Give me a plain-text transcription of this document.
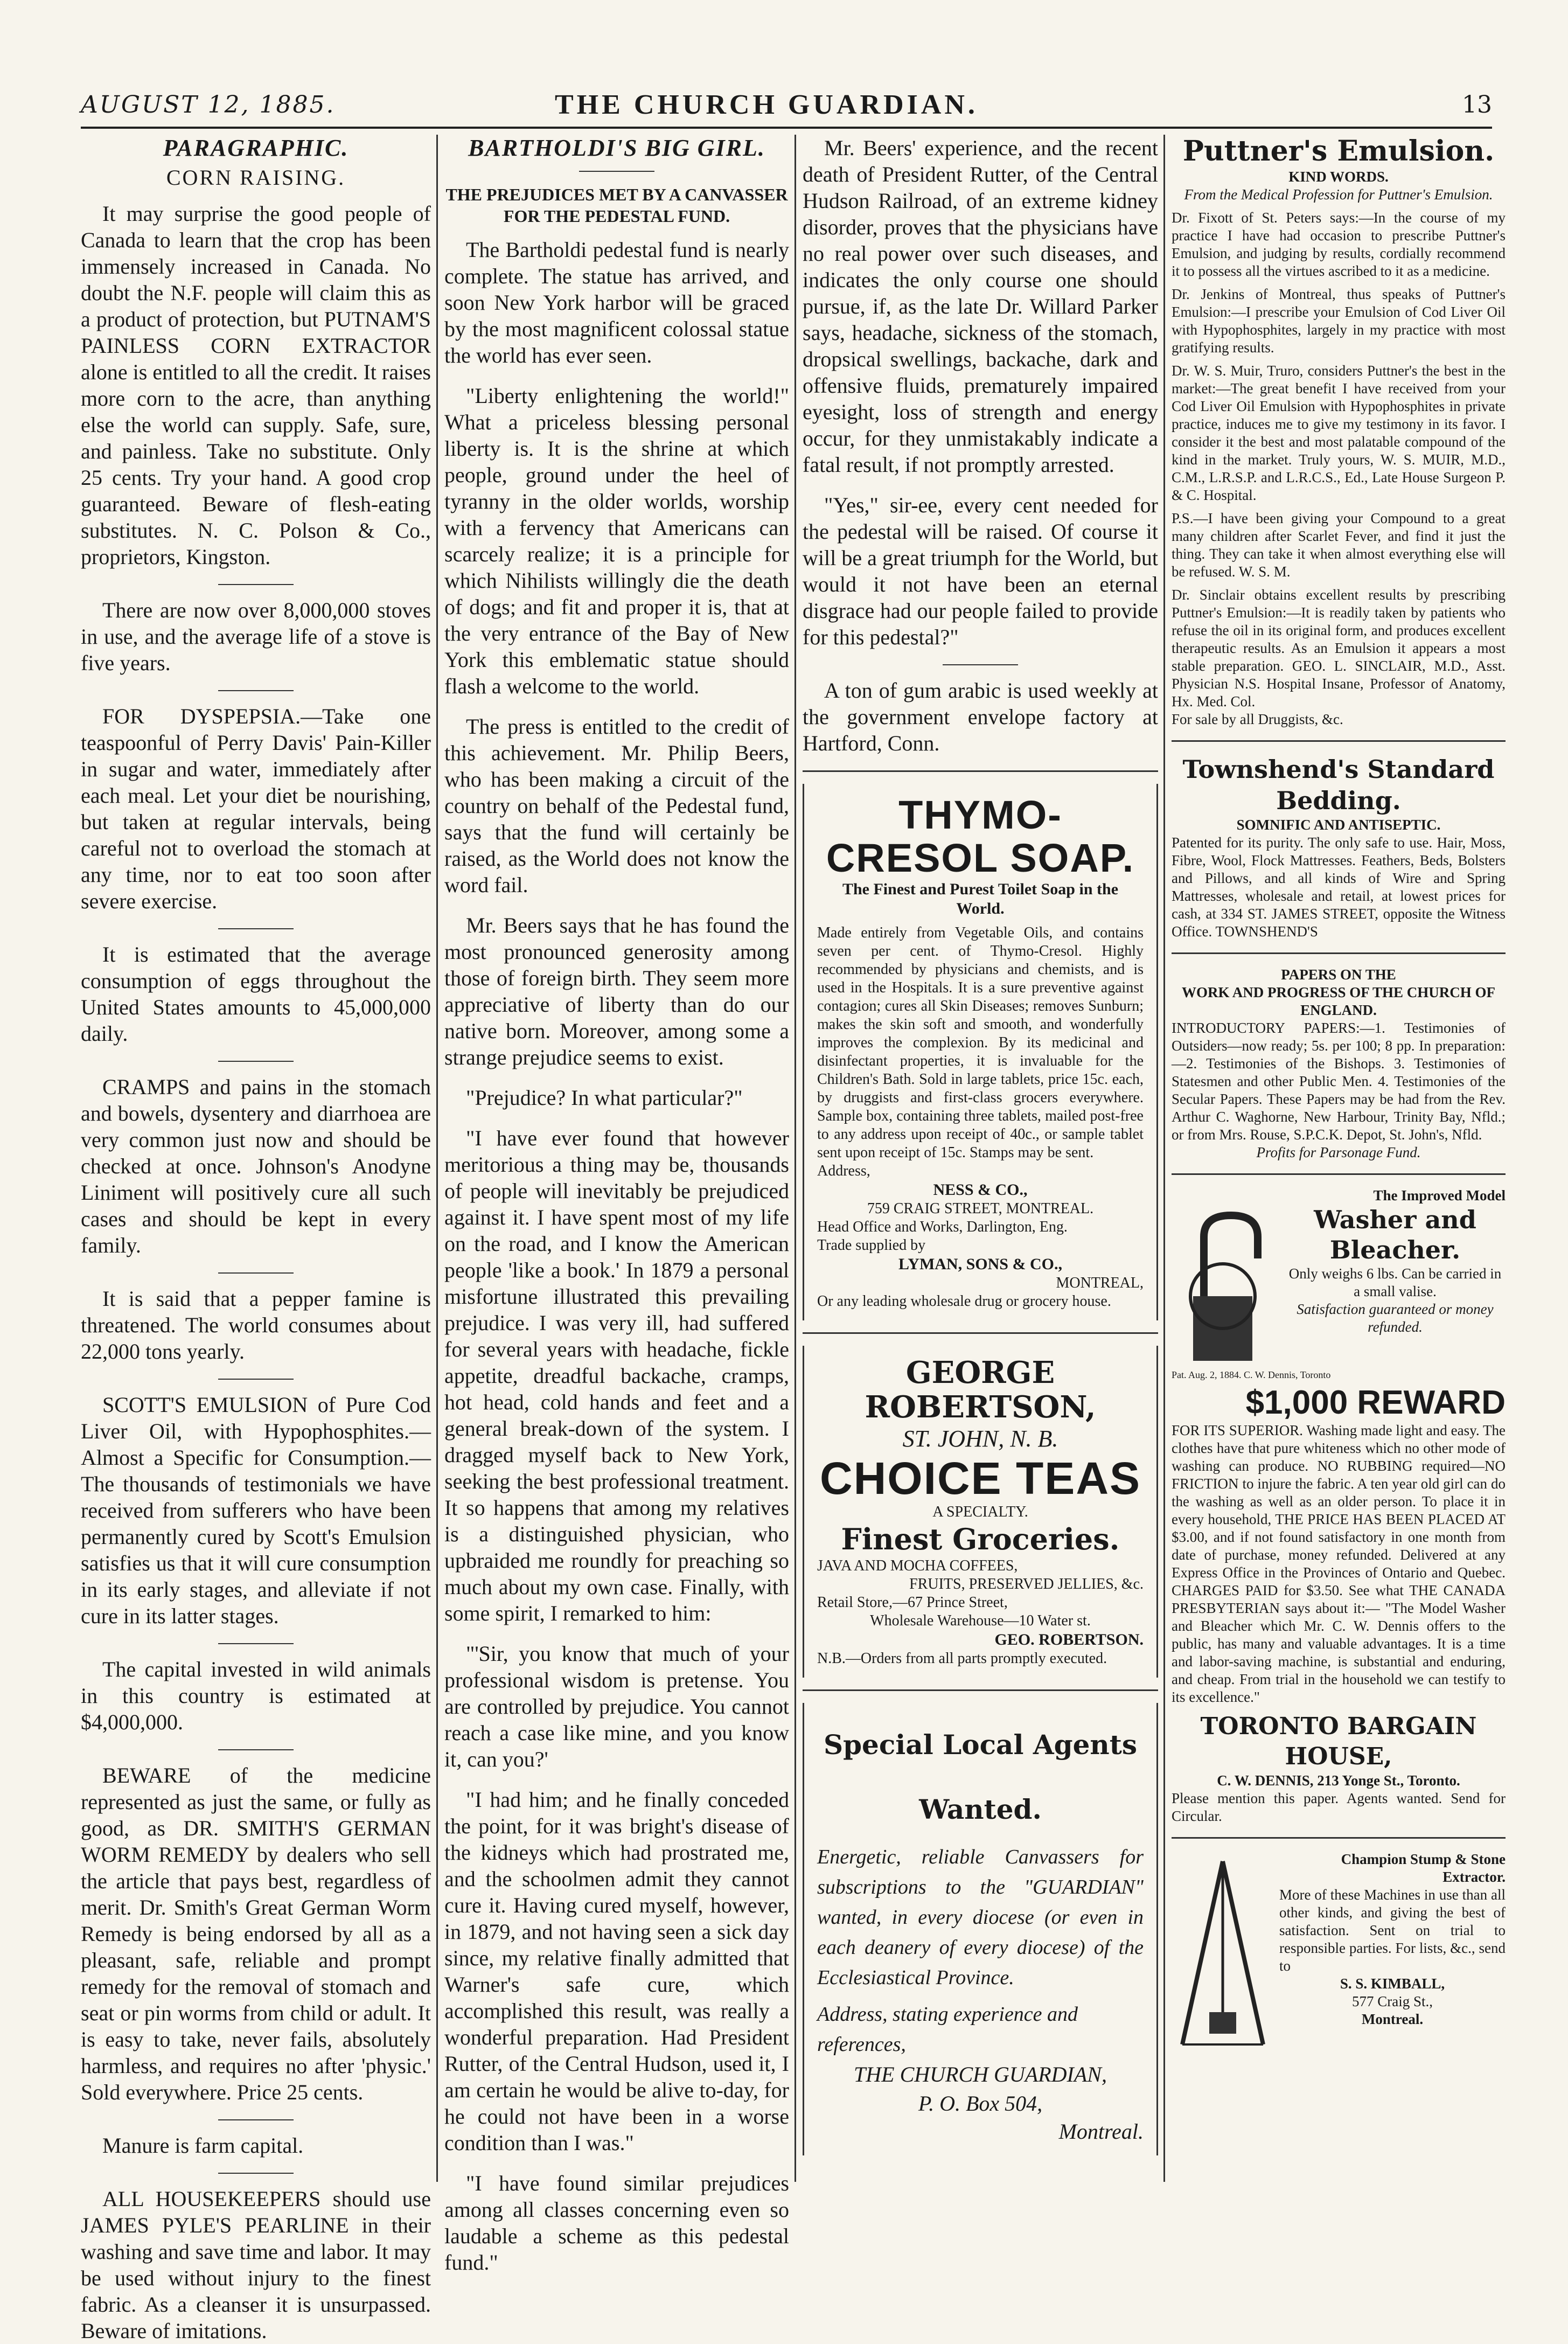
AUGUST 12, 1885.	THE CHURCH GUARDIAN.	13
PARAGRAPHIC.
CORN RAISING.

It may surprise the good people of Canada to learn that the crop has been immensely increased in Canada. No doubt the N.F. people will claim this as a product of protection, but PUTNAM'S PAINLESS CORN EXTRACTOR alone is entitled to all the credit. It raises more corn to the acre, than anything else the world can supply. Safe, sure, and painless. Take no substitute. Only 25 cents. Try your hand. A good crop guaranteed. Beware of flesh-eating substitutes. N. C. Polson & Co., proprietors, Kingston.

There are now over 8,000,000 stoves in use, and the average life of a stove is five years.

FOR DYSPEPSIA.—Take one teaspoonful of Perry Davis' Pain-Killer in sugar and water, immediately after each meal. Let your diet be nourishing, but taken at regular intervals, being careful not to overload the stomach at any time, nor to eat too soon after severe exercise.

It is estimated that the average consumption of eggs throughout the United States amounts to 45,000,000 daily.

CRAMPS and pains in the stomach and bowels, dysentery and diarrhoea are very common just now and should be checked at once. Johnson's Anodyne Liniment will positively cure all such cases and should be kept in every family.

It is said that a pepper famine is threatened. The world consumes about 22,000 tons yearly.

SCOTT'S EMULSION of Pure Cod Liver Oil, with Hypophosphites.— Almost a Specific for Consumption.— The thousands of testimonials we have received from sufferers who have been permanently cured by Scott's Emulsion satisfies us that it will cure consumption in its early stages, and alleviate if not cure in its latter stages.

The capital invested in wild animals in this country is estimated at $4,000,000.

BEWARE of the medicine represented as just the same, or fully as good, as DR. SMITH'S GERMAN WORM REMEDY by dealers who sell the article that pays best, regardless of merit. Dr. Smith's Great German Worm Remedy is being endorsed by all as a pleasant, safe, reliable and prompt remedy for the removal of stomach and seat or pin worms from child or adult. It is easy to take, never fails, absolutely harmless, and requires no after 'physic.' Sold everywhere. Price 25 cents.

Manure is farm capital.

ALL HOUSEKEEPERS should use JAMES PYLE'S PEARLINE in their washing and save time and labor. It may be used without injury to the finest fabric. As a cleanser it is unsurpassed. Beware of imitations.

BARTHOLDI'S BIG GIRL.
THE PREJUDICES MET BY A CANVASSER FOR THE PEDESTAL FUND.

The Bartholdi pedestal fund is nearly complete. The statue has arrived, and soon New York harbor will be graced by the most magnificent colossal statue the world has ever seen.

"Liberty enlightening the world!" What a priceless blessing personal liberty is. It is the shrine at which people, ground under the heel of tyranny in the older worlds, worship with a fervency that Americans can scarcely realize; it is a principle for which Nihilists willingly die the death of dogs; and fit and proper it is, that at the very entrance of the Bay of New York this emblematic statue should flash a welcome to the world.

The press is entitled to the credit of this achievement. Mr. Philip Beers, who has been making a circuit of the country on behalf of the Pedestal fund, says that the fund will certainly be raised, as the World does not know the word fail.

Mr. Beers says that he has found the most pronounced generosity among those of foreign birth. They seem more appreciative of liberty than do our native born. Moreover, among some a strange prejudice seems to exist.

"Prejudice? In what particular?"

"I have ever found that however meritorious a thing may be, thousands of people will inevitably be prejudiced against it. I have spent most of my life on the road, and I know the American people 'like a book.' In 1879 a personal misfortune illustrated this prevailing prejudice. I was very ill, had suffered for several years with headache, fickle appetite, dreadful backache, cramps, hot head, cold hands and feet and a general break-down of the system. I dragged myself back to New York, seeking the best professional treatment. It so happens that among my relatives is a distinguished physician, who upbraided me roundly for preaching so much about my own case. Finally, with some spirit, I remarked to him:

"'Sir, you know that much of your professional wisdom is pretense. You are controlled by prejudice. You cannot reach a case like mine, and you know it, can you?'

"I had him; and he finally conceded the point, for it was bright's disease of the kidneys which had prostrated me, and the schoolmen admit they cannot cure it. Having cured myself, however, in 1879, and not having seen a sick day since, my relative finally admitted that Warner's safe cure, which accomplished this result, was really a wonderful preparation. Had President Rutter, of the Central Hudson, used it, I am certain he would be alive to-day, for he could not have been in a worse condition than I was."

"I have found similar prejudices among all classes concerning even so laudable a scheme as this pedestal fund."

Mr. Beers' experience, and the recent death of President Rutter, of the Central Hudson Railroad, of an extreme kidney disorder, proves that the physicians have no real power over such diseases, and indicates the only course one should pursue, if, as the late Dr. Willard Parker says, headache, sickness of the stomach, dropsical swellings, backache, dark and offensive fluids, prematurely impaired eyesight, loss of strength and energy occur, for they unmistakably indicate a fatal result, if not promptly arrested.

"Yes," sir-ee, every cent needed for the pedestal will be raised. Of course it will be a great triumph for the World, but would it not have been an eternal disgrace had our people failed to provide for this pedestal?"

A ton of gum arabic is used weekly at the government envelope factory at Hartford, Conn.

THYMO-CRESOL SOAP.
The Finest and Purest Toilet Soap in the World.
Made entirely from Vegetable Oils, and contains seven per cent. of Thymo-Cresol. Highly recommended by physicians and chemists, and is used in the Hospitals. It is a sure preventive against contagion; cures all Skin Diseases; removes Sunburn; makes the skin soft and smooth, and wonderfully improves the complexion. By its medicinal and disinfectant properties, it is invaluable for the Children's Bath. Sold in large tablets, price 15c. each, by druggists and first-class grocers everywhere. Sample box, containing three tablets, mailed post-free to any address upon receipt of 40c., or sample tablet sent upon receipt of 15c. Stamps may be sent.
Address,
NESS & CO.,
759 CRAIG STREET, MONTREAL.
Head Office and Works, Darlington, Eng.
Trade supplied by
LYMAN, SONS & CO.,
MONTREAL,
Or any leading wholesale drug or grocery house.
GEORGE ROBERTSON,
ST. JOHN, N. B.
CHOICE TEAS
A SPECIALTY.
Finest Groceries.
JAVA AND MOCHA COFFEES,
FRUITS, PRESERVED JELLIES, &c.
Retail Store,—67 Prince Street,
Wholesale Warehouse—10 Water st.
GEO. ROBERTSON.
N.B.—Orders from all parts promptly executed.
Special Local Agents Wanted.
Energetic, reliable Canvassers for subscriptions to the "GUARDIAN" wanted, in every diocese (or even in each deanery of every diocese) of the Ecclesiastical Province.
Address, stating experience and references,
THE CHURCH GUARDIAN,
P. O. Box 504,
Montreal.
Puttner's Emulsion.
KIND WORDS.
From the Medical Profession for Puttner's Emulsion.
Dr. Fixott of St. Peters says:—In the course of my practice I have had occasion to prescribe Puttner's Emulsion, and judging by results, cordially recommend it to possess all the virtues ascribed to it as a medicine.
Dr. Jenkins of Montreal, thus speaks of Puttner's Emulsion:—I prescribe your Emulsion of Cod Liver Oil with Hypophosphites, largely in my practice with most gratifying results.
Dr. W. S. Muir, Truro, considers Puttner's the best in the market:—The great benefit I have received from your Cod Liver Oil Emulsion with Hypophosphites in private practice, induces me to give my testimony in its favor. I consider it the best and most palatable compound of the kind in the market. Truly yours, W. S. MUIR, M.D., C.M., L.R.S.P. and L.R.C.S., Ed., Late House Surgeon P. & C. Hospital.
P.S.—I have been giving your Compound to a great many children after Scarlet Fever, and find it just the thing. They can take it when almost everything else will be refused. W. S. M.
Dr. Sinclair obtains excellent results by prescribing Puttner's Emulsion:—It is readily taken by patients who refuse the oil in its original form, and produces excellent therapeutic results. As an Emulsion it appears a most stable preparation. GEO. L. SINCLAIR, M.D., Asst. Physician N.S. Hospital Insane, Professor of Anatomy, Hx. Med. Col.
For sale by all Druggists, &c.
Townshend's Standard Bedding.
SOMNIFIC AND ANTISEPTIC.
Patented for its purity. The only safe to use. Hair, Moss, Fibre, Wool, Flock Mattresses. Feathers, Beds, Bolsters and Pillows, and all kinds of Wire and Spring Mattresses, wholesale and retail, at lowest prices for cash, at 334 ST. JAMES STREET, opposite the Witness Office. TOWNSHEND'S
PAPERS ON THE
WORK AND PROGRESS OF THE CHURCH OF ENGLAND.
INTRODUCTORY PAPERS:—1. Testimonies of Outsiders—now ready; 5s. per 100; 8 pp. In preparation:—2. Testimonies of the Bishops. 3. Testimonies of Statesmen and other Public Men. 4. Testimonies of the Secular Papers. These Papers may be had from the Rev. Arthur C. Waghorne, New Harbour, Trinity Bay, Nfld.; or from Mrs. Rouse, S.P.C.K. Depot, St. John's, Nfld.
Profits for Parsonage Fund.
The Improved Model
Washer and Bleacher.
Only weighs 6 lbs. Can be carried in a small valise.
Satisfaction guaranteed or money refunded.
Pat. Aug. 2, 1884. C. W. Dennis, Toronto
$1,000 REWARD
FOR ITS SUPERIOR. Washing made light and easy. The clothes have that pure whiteness which no other mode of washing can produce. NO RUBBING required—NO FRICTION to injure the fabric. A ten year old girl can do the washing as well as an older person. To place it in every household, THE PRICE HAS BEEN PLACED AT $3.00, and if not found satisfactory in one month from date of purchase, money refunded. Delivered at any Express Office in the Provinces of Ontario and Quebec. CHARGES PAID for $3.50. See what THE CANADA PRESBYTERIAN says about it:— "The Model Washer and Bleacher which Mr. C. W. Dennis offers to the public, has many and valuable advantages. It is a time and labor-saving machine, is substantial and enduring, and cheap. From trial in the household we can testify to its excellence."
TORONTO BARGAIN HOUSE,
C. W. DENNIS, 213 Yonge St., Toronto.
Please mention this paper. Agents wanted. Send for Circular.
Champion Stump & Stone Extractor.
More of these Machines in use than all other kinds, and giving the best of satisfaction. Sent on trial to responsible parties. For lists, &c., send to
S. S. KIMBALL,
577 Craig St.,
Montreal.
